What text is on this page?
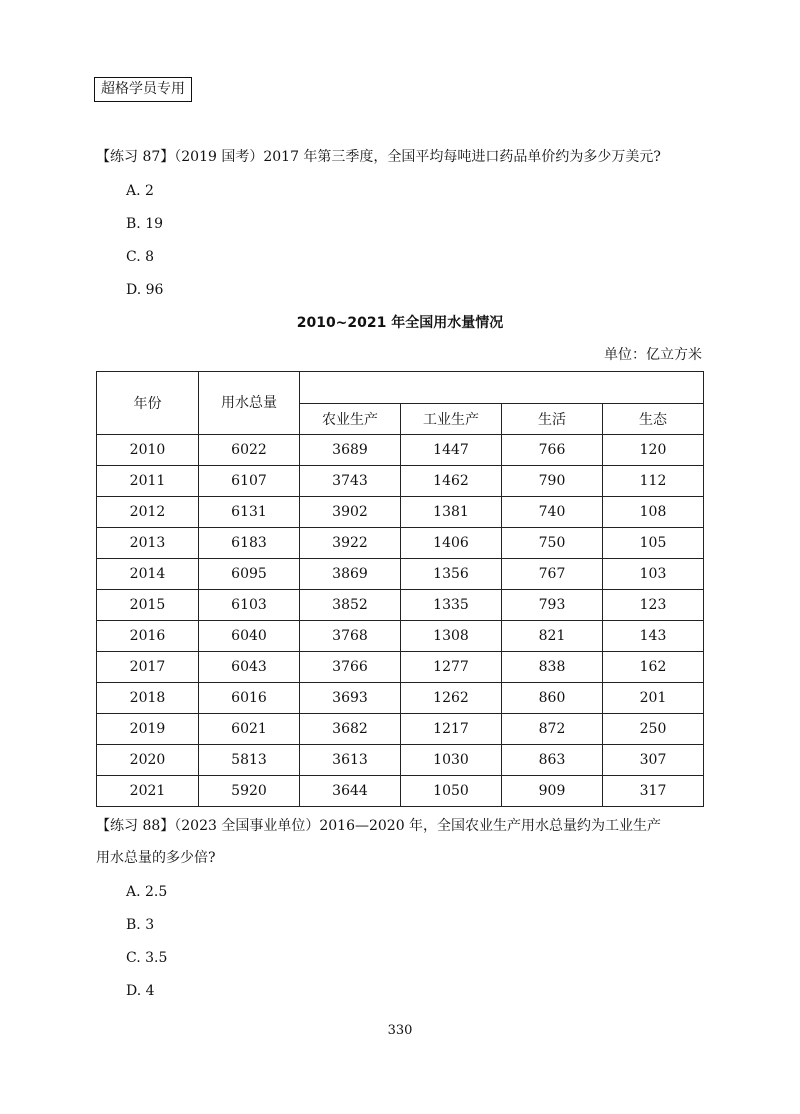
超格学员专用
【练习 87】（2019 国考）2017 年第三季度，全国平均每吨进口药品单价约为多少万美元?
A. 2
B. 19
C. 8
D. 96
2010~2021 年全国用水量情况
单位：亿立方米
年份	用水总量				
		农业生产	工业生产	生活	生态
2010	6022	3689	1447	766	120
2011	6107	3743	1462	790	112
2012	6131	3902	1381	740	108
2013	6183	3922	1406	750	105
2014	6095	3869	1356	767	103
2015	6103	3852	1335	793	123
2016	6040	3768	1308	821	143
2017	6043	3766	1277	838	162
2018	6016	3693	1262	860	201
2019	6021	3682	1217	872	250
2020	5813	3613	1030	863	307
2021	5920	3644	1050	909	317
【练习 88】（2023 全国事业单位）2016—2020 年，全国农业生产用水总量约为工业生产
用水总量的多少倍?
A. 2.5
B. 3
C. 3.5
D. 4
330
